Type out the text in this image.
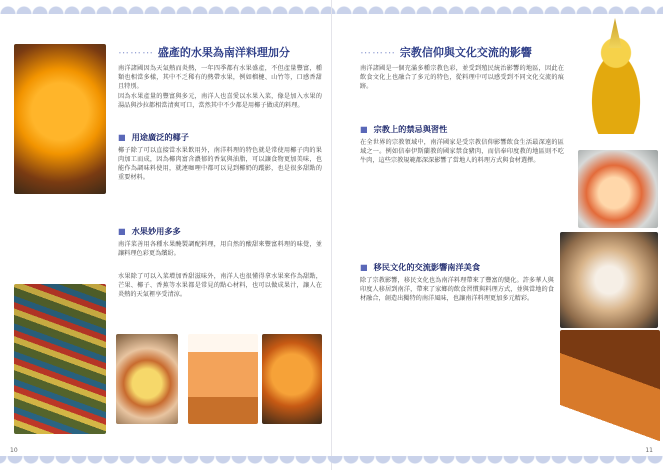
⋯⋯⋯ 盛產的水果為南洋料理加分
南洋諸國因為天氣熱而炎熱，一年四季都有水果盛產，不但產量豐富，種類也相當多樣，其中不乏稀有的熱帶水果，例如榴槤、山竹等，口感香甜且特別。
因為水果產量的豐富與多元，南洋人也喜愛以水果入菜，像是加入水果的湯品與沙拉都相當清爽可口，當然其中不少都是用椰子做成的料理。
■ 用途廣泛的椰子
椰子除了可以直接當水果飲用外，南洋料理的特色就是常使用椰子肉的果肉加工而成，因為椰肉富含濃郁的香氣與油脂，可以讓食物更加美味，也能作為調味料使用，就連咖哩中都可以見到椰奶的蹤影，也是很多甜點的重要材料。
■ 水果妙用多多
南洋菜善用各種水果醃製調配料理，用自然的酸甜來豐富料理的味覺，並讓料理色彩更為繽紛。
水果除了可以入菜增加香甜滋味外，南洋人也很懂得拿水果來作為甜點，芒果、椰子、香蕉等水果都是常見的點心材料，也可以做成果汁，讓人在炎熱的天氣裡享受清涼。
10
⋯⋯⋯ 宗教信仰與文化交流的影響
南洋諸國是一個充滿多種宗教色彩，並受到殖民統治影響的地區，因此在飲食文化上也融合了多元的特色，從料理中可以感受到不同文化交流的痕跡。
■ 宗教上的禁忌與習性
在全世界的宗教領域中，南洋國家是受宗教信仰影響飲食生活最深遠的區域之一。例如信奉伊斯蘭教的國家禁食豬肉，而信奉印度教的地區則不吃牛肉，這些宗教規範都深深影響了當地人的料理方式與食材選擇。
■ 移民文化的交流影響南洋美食
除了宗教影響，移民文化也為南洋料理帶來了豐富的變化。許多華人與印度人移居到南洋，帶來了家鄉的飲食習慣與料理方式，並與當地的食材融合，創造出獨特的南洋風味，也讓南洋料理更加多元精彩。
11
